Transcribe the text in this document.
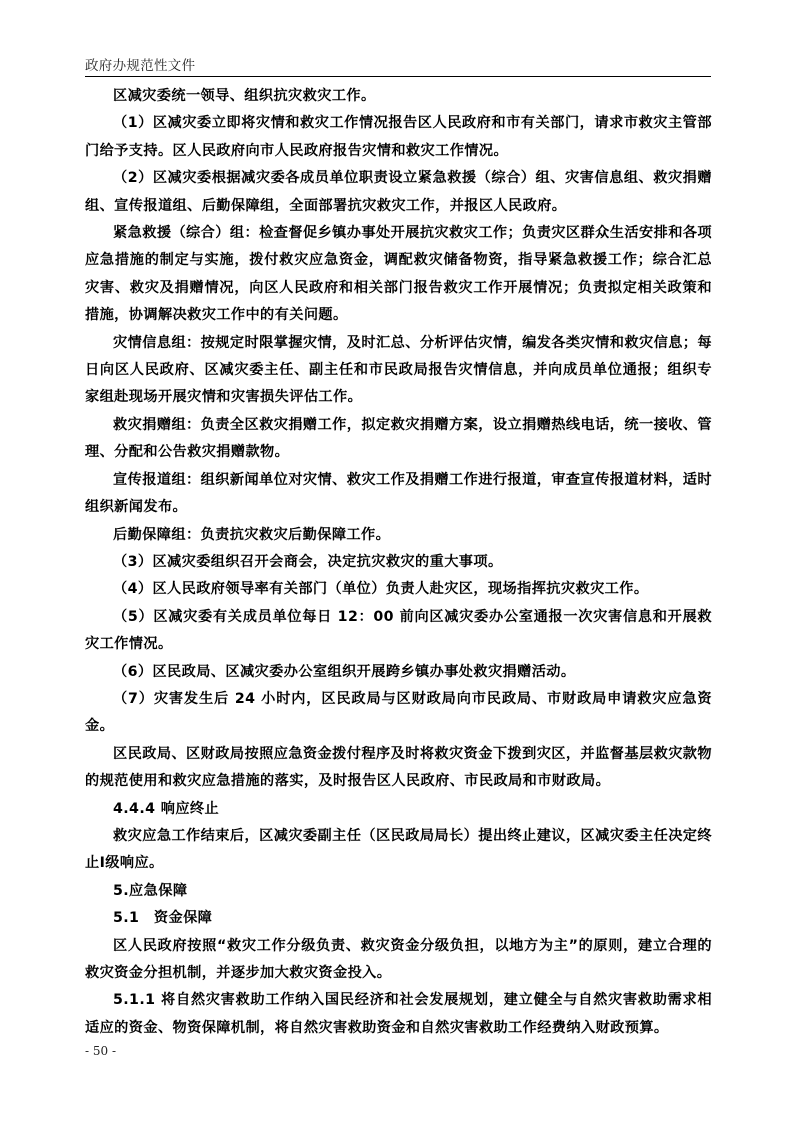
政府办规范性文件

区减灾委统一领导、组织抗灾救灾工作。

（1）区减灾委立即将灾情和救灾工作情况报告区人民政府和市有关部门，请求市救灾主管部门给予支持。区人民政府向市人民政府报告灾情和救灾工作情况。

（2）区减灾委根据减灾委各成员单位职责设立紧急救援（综合）组、灾害信息组、救灾捐赠组、宣传报道组、后勤保障组，全面部署抗灾救灾工作，并报区人民政府。

紧急救援（综合）组：检查督促乡镇办事处开展抗灾救灾工作；负责灾区群众生活安排和各项应急措施的制定与实施，拨付救灾应急资金，调配救灾储备物资，指导紧急救援工作；综合汇总灾害、救灾及捐赠情况，向区人民政府和相关部门报告救灾工作开展情况；负责拟定相关政策和措施，协调解决救灾工作中的有关问题。

灾情信息组：按规定时限掌握灾情，及时汇总、分析评估灾情，编发各类灾情和救灾信息；每日向区人民政府、区减灾委主任、副主任和市民政局报告灾情信息，并向成员单位通报；组织专家组赴现场开展灾情和灾害损失评估工作。

救灾捐赠组：负责全区救灾捐赠工作，拟定救灾捐赠方案，设立捐赠热线电话，统一接收、管理、分配和公告救灾捐赠款物。

宣传报道组：组织新闻单位对灾情、救灾工作及捐赠工作进行报道，审查宣传报道材料，适时组织新闻发布。

后勤保障组：负责抗灾救灾后勤保障工作。

（3）区减灾委组织召开会商会，决定抗灾救灾的重大事项。

（4）区人民政府领导率有关部门（单位）负责人赴灾区，现场指挥抗灾救灾工作。

（5）区减灾委有关成员单位每日 12：00 前向区减灾委办公室通报一次灾害信息和开展救灾工作情况。

（6）区民政局、区减灾委办公室组织开展跨乡镇办事处救灾捐赠活动。

（7）灾害发生后 24 小时内，区民政局与区财政局向市民政局、市财政局申请救灾应急资金。

区民政局、区财政局按照应急资金拨付程序及时将救灾资金下拨到灾区，并监督基层救灾款物的规范使用和救灾应急措施的落实，及时报告区人民政府、市民政局和市财政局。

4.4.4 响应终止

救灾应急工作结束后，区减灾委副主任（区民政局局长）提出终止建议，区减灾委主任决定终止Ⅰ级响应。

5.应急保障

5.1　资金保障

区人民政府按照“救灾工作分级负责、救灾资金分级负担，以地方为主”的原则，建立合理的救灾资金分担机制，并逐步加大救灾资金投入。

5.1.1 将自然灾害救助工作纳入国民经济和社会发展规划，建立健全与自然灾害救助需求相适应的资金、物资保障机制，将自然灾害救助资金和自然灾害救助工作经费纳入财政预算。

- 50 -
